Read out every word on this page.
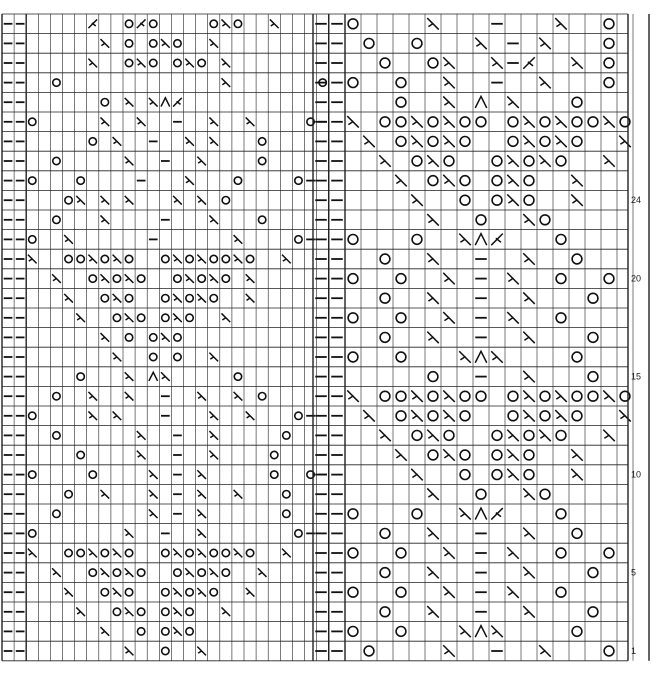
1
5
10
15
20
24
